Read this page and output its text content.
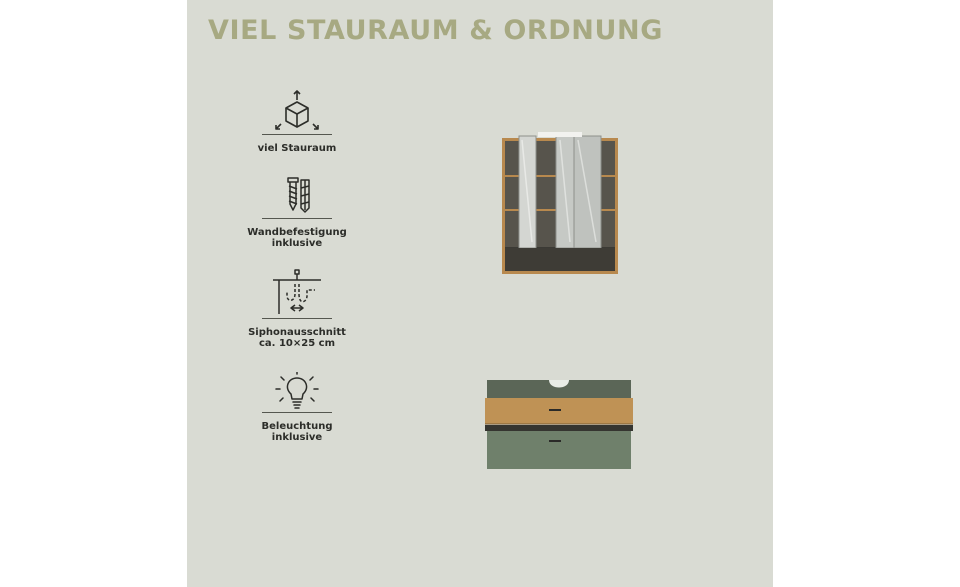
VIEL STAURAUM & ORDNUNG
viel Stauraum
Wandbefestigung
inklusive
Siphonausschnitt
ca. 10×25 cm
Beleuchtung
inklusive
